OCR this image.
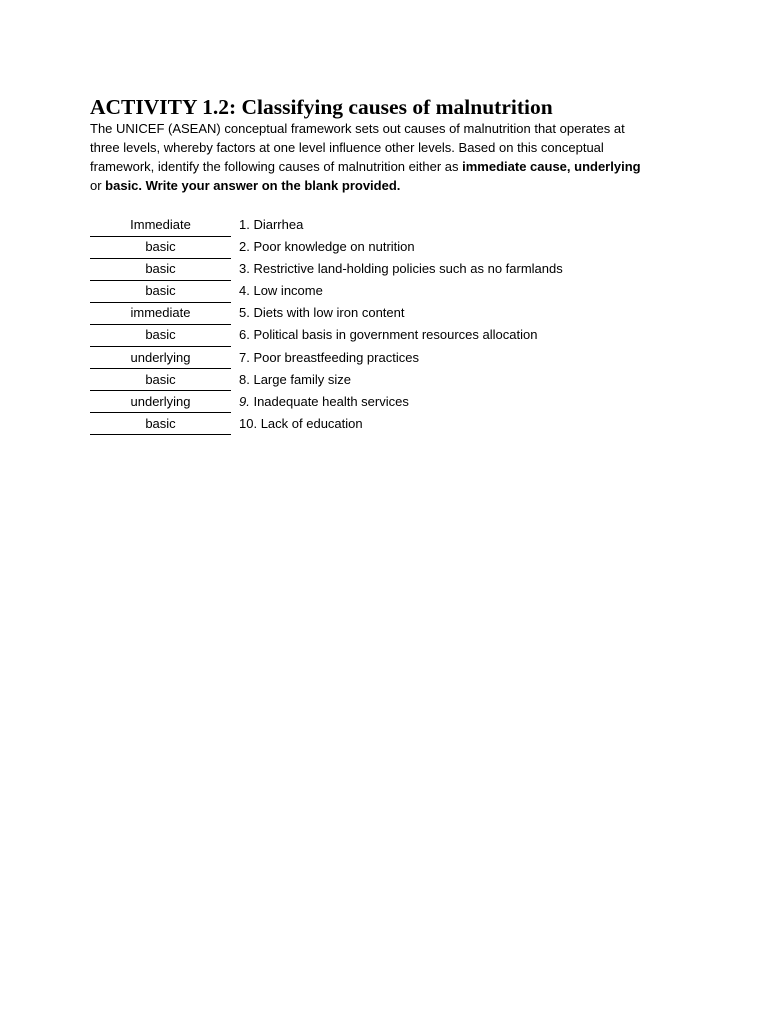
ACTIVITY 1.2: Classifying causes of malnutrition

The UNICEF (ASEAN) conceptual framework sets out causes of malnutrition that operates at
three levels, whereby factors at one level influence other levels. Based on this conceptual
framework, identify the following causes of malnutrition either as immediate cause, underlying
or basic. Write your answer on the blank provided.

Immediate	1. Diarrhea
basic	2. Poor knowledge on nutrition
basic	3. Restrictive land-holding policies such as no farmlands
basic	4. Low income
immediate	5. Diets with low iron content
basic	6. Political basis in government resources allocation
underlying	7. Poor breastfeeding practices
basic	8. Large family size
underlying	9. Inadequate health services
basic	10. Lack of education
